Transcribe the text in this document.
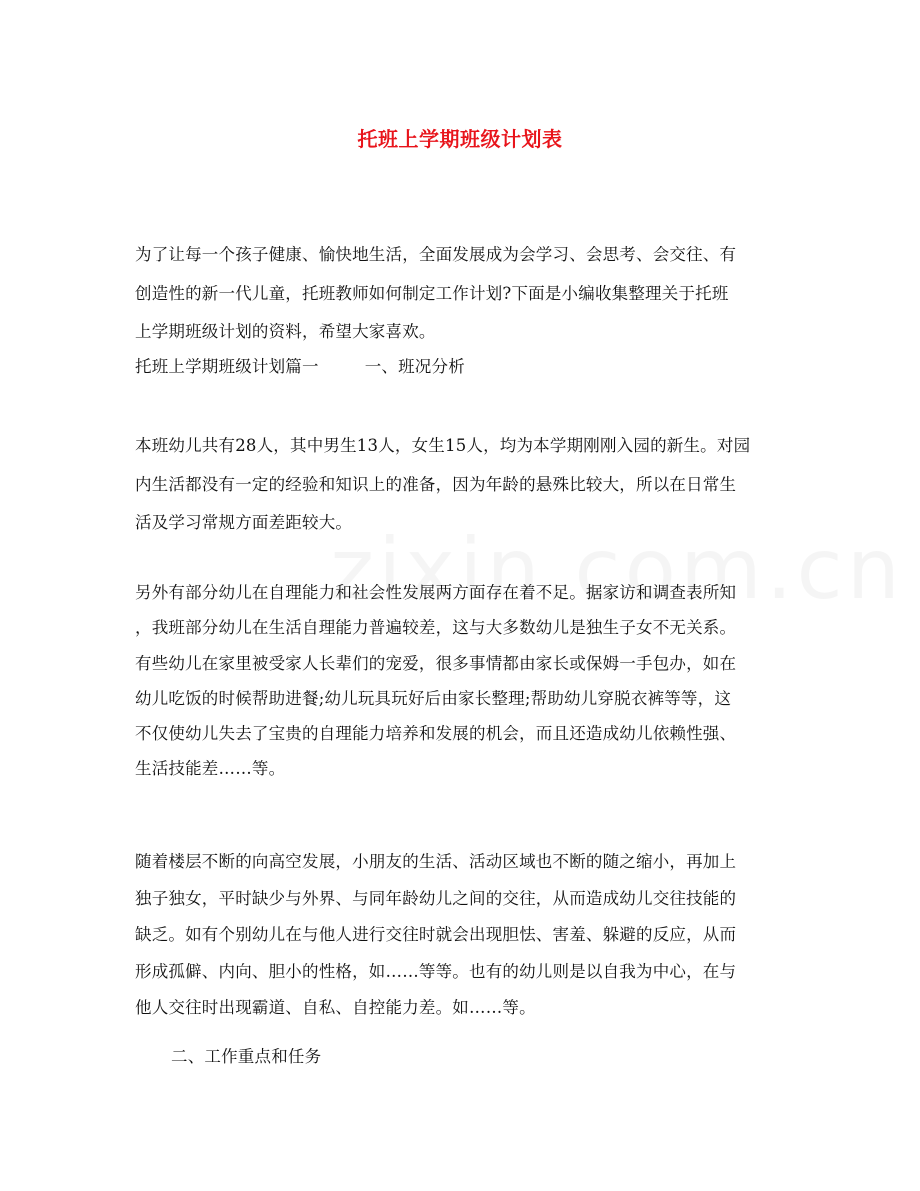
托班上学期班级计划表
为了让每一个孩子健康、愉快地生活，全面发展成为会学习、会思考、会交往、有
创造性的新一代儿童，托班教师如何制定工作计划?下面是小编收集整理关于托班
上学期班级计划的资料，希望大家喜欢。
托班上学期班级计划篇一	一、班况分析
本班幼儿共有28人，其中男生13人，女生15人，均为本学期刚刚入园的新生。对园
内生活都没有一定的经验和知识上的准备，因为年龄的悬殊比较大，所以在日常生
活及学习常规方面差距较大。
另外有部分幼儿在自理能力和社会性发展两方面存在着不足。据家访和调查表所知
，我班部分幼儿在生活自理能力普遍较差，这与大多数幼儿是独生子女不无关系。
有些幼儿在家里被受家人长辈们的宠爱，很多事情都由家长或保姆一手包办，如在
幼儿吃饭的时候帮助进餐;幼儿玩具玩好后由家长整理;帮助幼儿穿脱衣裤等等，这
不仅使幼儿失去了宝贵的自理能力培养和发展的机会，而且还造成幼儿依赖性强、
生活技能差……等。
随着楼层不断的向高空发展，小朋友的生活、活动区域也不断的随之缩小，再加上
独子独女，平时缺少与外界、与同年龄幼儿之间的交往，从而造成幼儿交往技能的
缺乏。如有个别幼儿在与他人进行交往时就会出现胆怯、害羞、躲避的反应，从而
形成孤僻、内向、胆小的性格，如……等等。也有的幼儿则是以自我为中心，在与
他人交往时出现霸道、自私、自控能力差。如……等。
二、工作重点和任务
